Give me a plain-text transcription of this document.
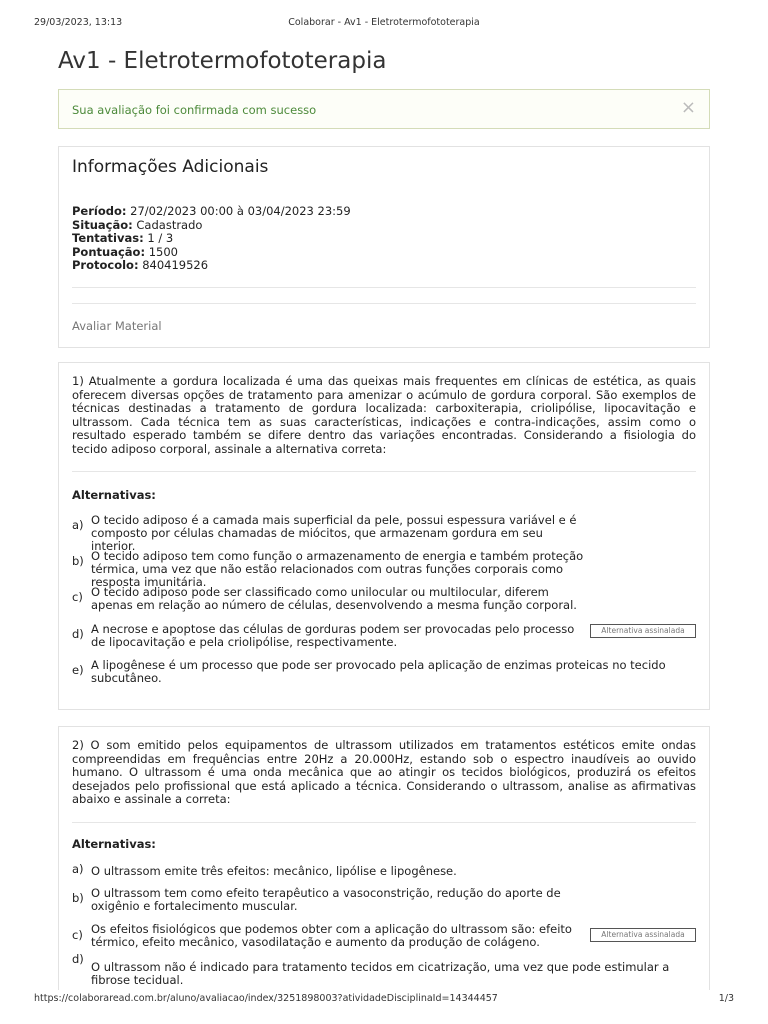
29/03/2023, 13:13	Colaborar - Av1 - Eletrotermofototerapia
Av1 - Eletrotermofototerapia
Sua avaliação foi confirmada com sucesso	×
Informações Adicionais
Período: 27/02/2023 00:00 à 03/04/2023 23:59
Situação: Cadastrado
Tentativas: 1 / 3
Pontuação: 1500
Protocolo: 840419526
Avaliar Material
1) Atualmente a gordura localizada é uma das queixas mais frequentes em clínicas de estética, as quais oferecem diversas opções de tratamento para amenizar o acúmulo de gordura corporal. São exemplos de técnicas destinadas a tratamento de gordura localizada: carboxiterapia, criolipólise, lipocavitação e ultrassom. Cada técnica tem as suas características, indicações e contra-indicações, assim como o resultado esperado também se difere dentro das variações encontradas. Considerando a fisiologia do tecido adiposo corporal, assinale a alternativa correta:
Alternativas:
a) O tecido adiposo é a camada mais superficial da pele, possui espessura variável e é composto por células chamadas de miócitos, que armazenam gordura em seu interior.
b) O tecido adiposo tem como função o armazenamento de energia e também proteção térmica, uma vez que não estão relacionados com outras funções corporais como resposta imunitária.
c) O tecido adiposo pode ser classificado como unilocular ou multilocular, diferem apenas em relação ao número de células, desenvolvendo a mesma função corporal.
d) A necrose e apoptose das células de gorduras podem ser provocadas pelo processo de lipocavitação e pela criolipólise, respectivamente.
Alternativa assinalada
e) A lipogênese é um processo que pode ser provocado pela aplicação de enzimas proteicas no tecido subcutâneo.
2) O som emitido pelos equipamentos de ultrassom utilizados em tratamentos estéticos emite ondas compreendidas em frequências entre 20Hz a 20.000Hz, estando sob o espectro inaudíveis ao ouvido humano. O ultrassom é uma onda mecânica que ao atingir os tecidos biológicos, produzirá os efeitos desejados pelo profissional que está aplicado a técnica. Considerando o ultrassom, analise as afirmativas abaixo e assinale a correta:
Alternativas:
a) O ultrassom emite três efeitos: mecânico, lipólise e lipogênese.
b) O ultrassom tem como efeito terapêutico a vasoconstrição, redução do aporte de oxigênio e fortalecimento muscular.
c) Os efeitos fisiológicos que podemos obter com a aplicação do ultrassom são: efeito térmico, efeito mecânico, vasodilatação e aumento da produção de colágeno.
Alternativa assinalada
d)
O ultrassom não é indicado para tratamento tecidos em cicatrização, uma vez que pode estimular a fibrose tecidual.
https://colaboraread.com.br/aluno/avaliacao/index/3251898003?atividadeDisciplinaId=14344457	1/3
